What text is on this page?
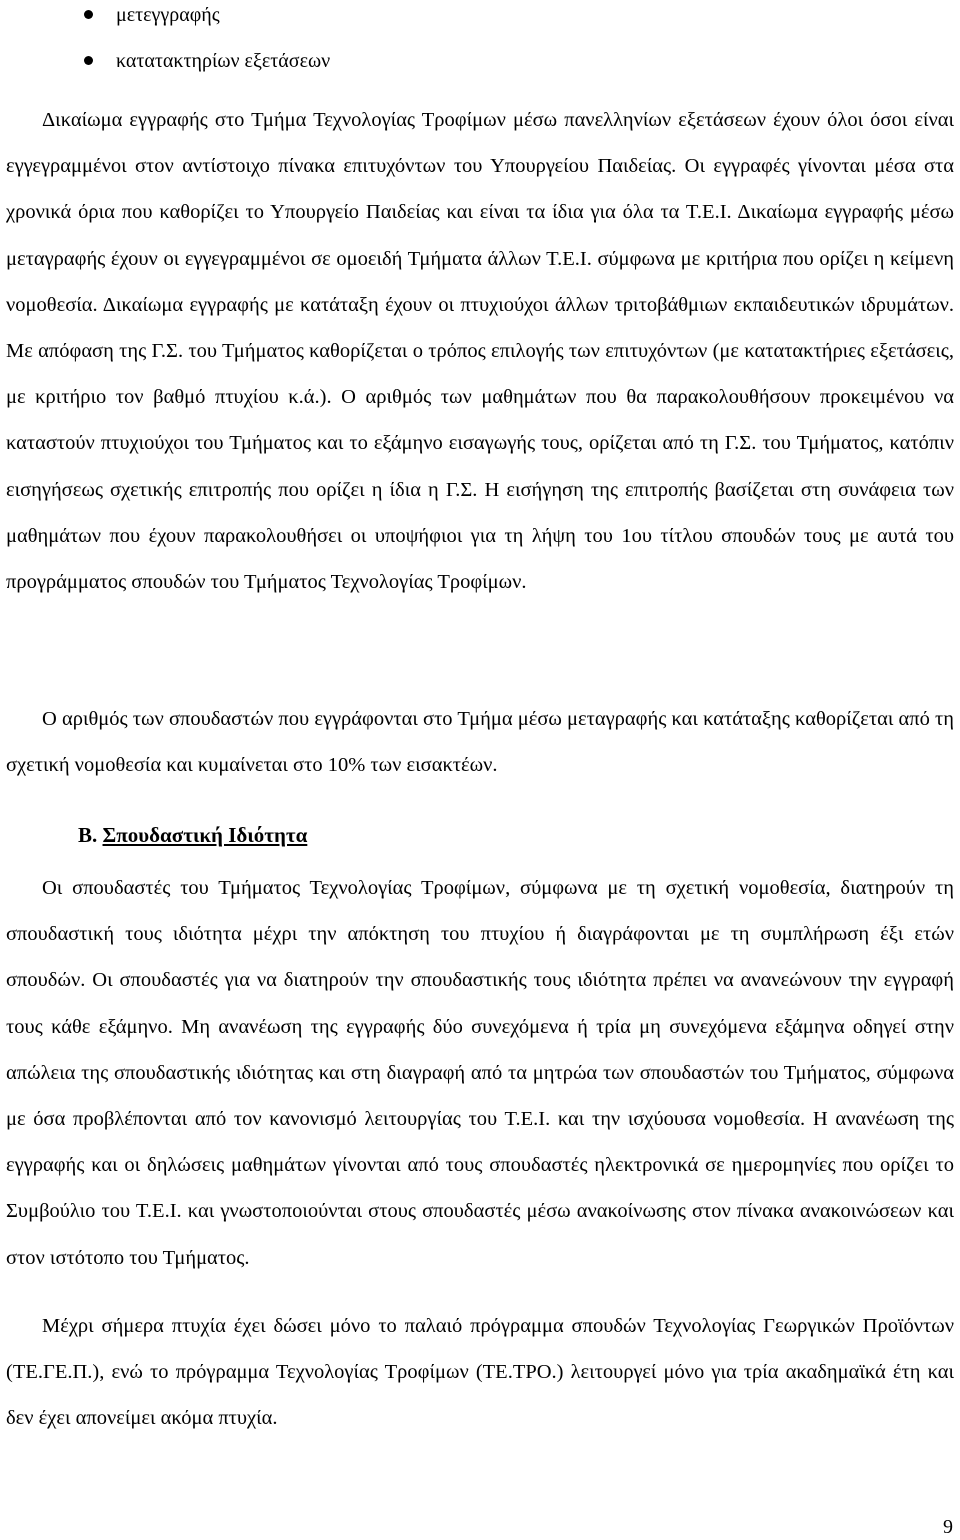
μετεγγραφής
κατατακτηρίων εξετάσεων

Δικαίωμα εγγραφής στο Τμήμα Τεχνολογίας Τροφίμων μέσω πανελληνίων εξετάσεων έχουν όλοι όσοι είναι εγγεγραμμένοι στον αντίστοιχο πίνακα επιτυχόντων του Υπουργείου Παιδείας. Οι εγγραφές γίνονται μέσα στα χρονικά όρια που καθορίζει το Υπουργείο Παιδείας και είναι τα ίδια για όλα τα Τ.Ε.Ι. Δικαίωμα εγγραφής μέσω μεταγραφής έχουν οι εγγεγραμμένοι σε ομοειδή Τμήματα άλλων Τ.Ε.Ι. σύμφωνα με κριτήρια που ορίζει η κείμενη νομοθεσία. Δικαίωμα εγγραφής με κατάταξη έχουν οι πτυχιούχοι άλλων τριτοβάθμιων εκπαιδευτικών ιδρυμάτων. Με απόφαση της Γ.Σ. του Τμήματος καθορίζεται ο τρόπος επιλογής των επιτυχόντων (με κατατακτήριες εξετάσεις, με κριτήριο τον βαθμό πτυχίου κ.ά.). Ο αριθμός των μαθημάτων που θα παρακολουθήσουν προκειμένου να καταστούν πτυχιούχοι του Τμήματος και το εξάμηνο εισαγωγής τους, ορίζεται από τη Γ.Σ. του Τμήματος, κατόπιν εισηγήσεως σχετικής επιτροπής που ορίζει η ίδια η Γ.Σ. Η εισήγηση της επιτροπής βασίζεται στη συνάφεια των μαθημάτων που έχουν παρακολουθήσει οι υποψήφιοι για τη λήψη του 1ου τίτλου σπουδών τους με αυτά του προγράμματος σπουδών του Τμήματος Τεχνολογίας Τροφίμων.

Ο αριθμός των σπουδαστών που εγγράφονται στο Τμήμα μέσω μεταγραφής και κατάταξης καθορίζεται από τη σχετική νομοθεσία και κυμαίνεται στο 10% των εισακτέων.

Β. Σπουδαστική Ιδιότητα

Οι σπουδαστές του Τμήματος Τεχνολογίας Τροφίμων, σύμφωνα με τη σχετική νομοθεσία, διατηρούν τη σπουδαστική τους ιδιότητα μέχρι την απόκτηση του πτυχίου ή διαγράφονται με τη συμπλήρωση έξι ετών σπουδών. Οι σπουδαστές για να διατηρούν την σπουδαστικής τους ιδιότητα πρέπει να ανανεώνουν την εγγραφή τους κάθε εξάμηνο. Μη ανανέωση της εγγραφής δύο συνεχόμενα ή τρία μη συνεχόμενα εξάμηνα οδηγεί στην απώλεια της σπουδαστικής ιδιότητας και στη διαγραφή από τα μητρώα των σπουδαστών του Τμήματος, σύμφωνα με όσα προβλέπονται από τον κανονισμό λειτουργίας του Τ.Ε.Ι. και την ισχύουσα νομοθεσία. Η ανανέωση της εγγραφής και οι δηλώσεις μαθημάτων γίνονται από τους σπουδαστές ηλεκτρονικά σε ημερομηνίες που ορίζει το Συμβούλιο του Τ.Ε.Ι. και γνωστοποιούνται στους σπουδαστές μέσω ανακοίνωσης στον πίνακα ανακοινώσεων και στον ιστότοπο του Τμήματος.

Μέχρι σήμερα πτυχία έχει δώσει μόνο το παλαιό πρόγραμμα σπουδών Τεχνολογίας Γεωργικών Προϊόντων (ΤΕ.ΓΕ.Π.), ενώ το πρόγραμμα Τεχνολογίας Τροφίμων (ΤΕ.ΤΡΟ.) λειτουργεί μόνο για τρία ακαδημαϊκά έτη και δεν έχει απονείμει ακόμα πτυχία.

9
